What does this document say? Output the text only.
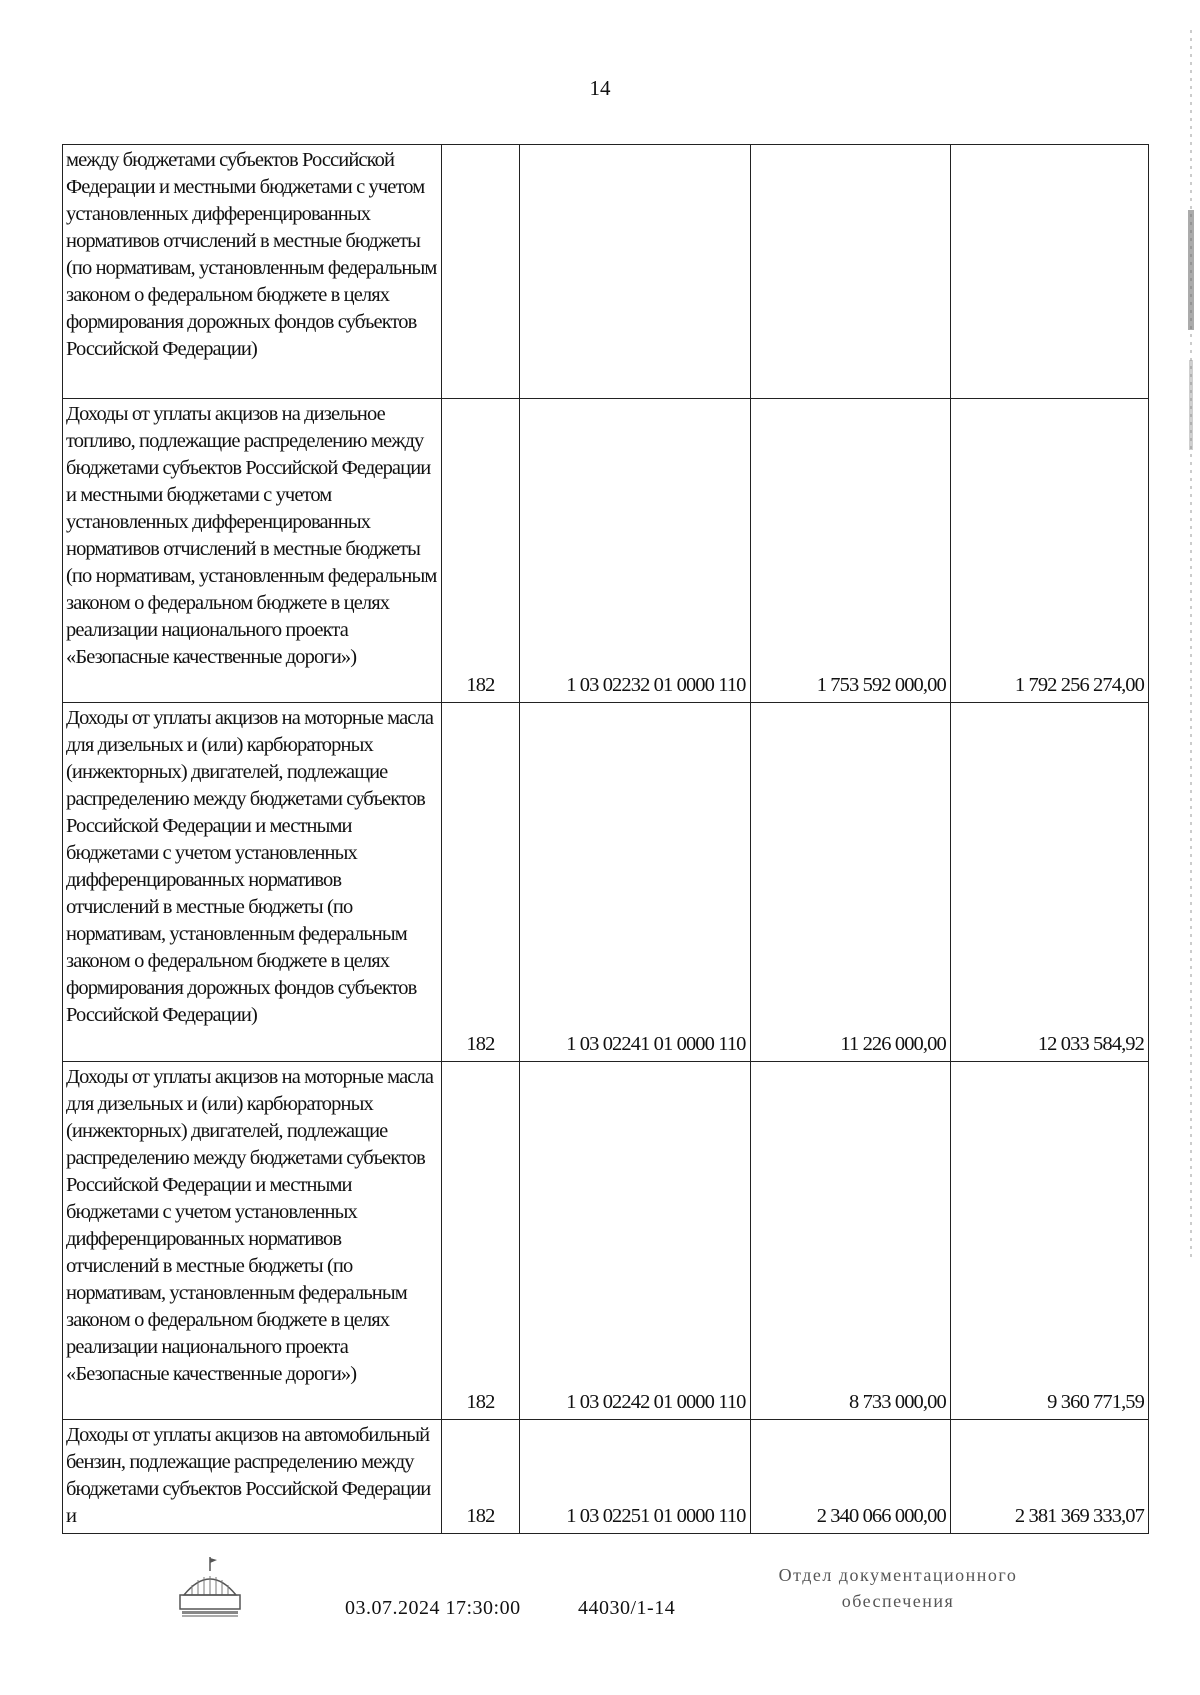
14
между бюджетами субъектов Российской Федерации и местными бюджетами с учетом установленных дифференцированных нормативов отчислений в местные бюджеты (по нормативам, установленным федеральным законом о федеральном бюджете в целях формирования дорожных фондов субъектов Российской Федерации)				
Доходы от уплаты акцизов на дизельное топливо, подлежащие распределению между бюджетами субъектов Российской Федерации и местными бюджетами с учетом установленных дифференцированных нормативов отчислений в местные бюджеты (по нормативам, установленным федеральным законом о федеральном бюджете в целях реализации национального проекта «Безопасные качественные дороги»)	182	1 03 02232 01 0000 110	1 753 592 000,00	1 792 256 274,00
Доходы от уплаты акцизов на моторные масла для дизельных и (или) карбюраторных (инжекторных) двигателей, подлежащие распределению между бюджетами субъектов Российской Федерации и местными бюджетами с учетом установленных дифференцированных нормативов отчислений в местные бюджеты (по нормативам, установленным федеральным законом о федеральном бюджете в целях формирования дорожных фондов субъектов Российской Федерации)	182	1 03 02241 01 0000 110	11 226 000,00	12 033 584,92
Доходы от уплаты акцизов на моторные масла для дизельных и (или) карбюраторных (инжекторных) двигателей, подлежащие распределению между бюджетами субъектов Российской Федерации и местными бюджетами с учетом установленных дифференцированных нормативов отчислений в местные бюджеты (по нормативам, установленным федеральным законом о федеральном бюджете в целях реализации национального проекта «Безопасные качественные дороги»)	182	1 03 02242 01 0000 110	8 733 000,00	9 360 771,59
Доходы от уплаты акцизов на автомобильный бензин, подлежащие распределению между бюджетами субъектов Российской Федерации и	182	1 03 02251 01 0000 110	2 340 066 000,00	2 381 369 333,07
03.07.2024 17:30:00	44030/1-14
Отдел документационного
обеспечения
